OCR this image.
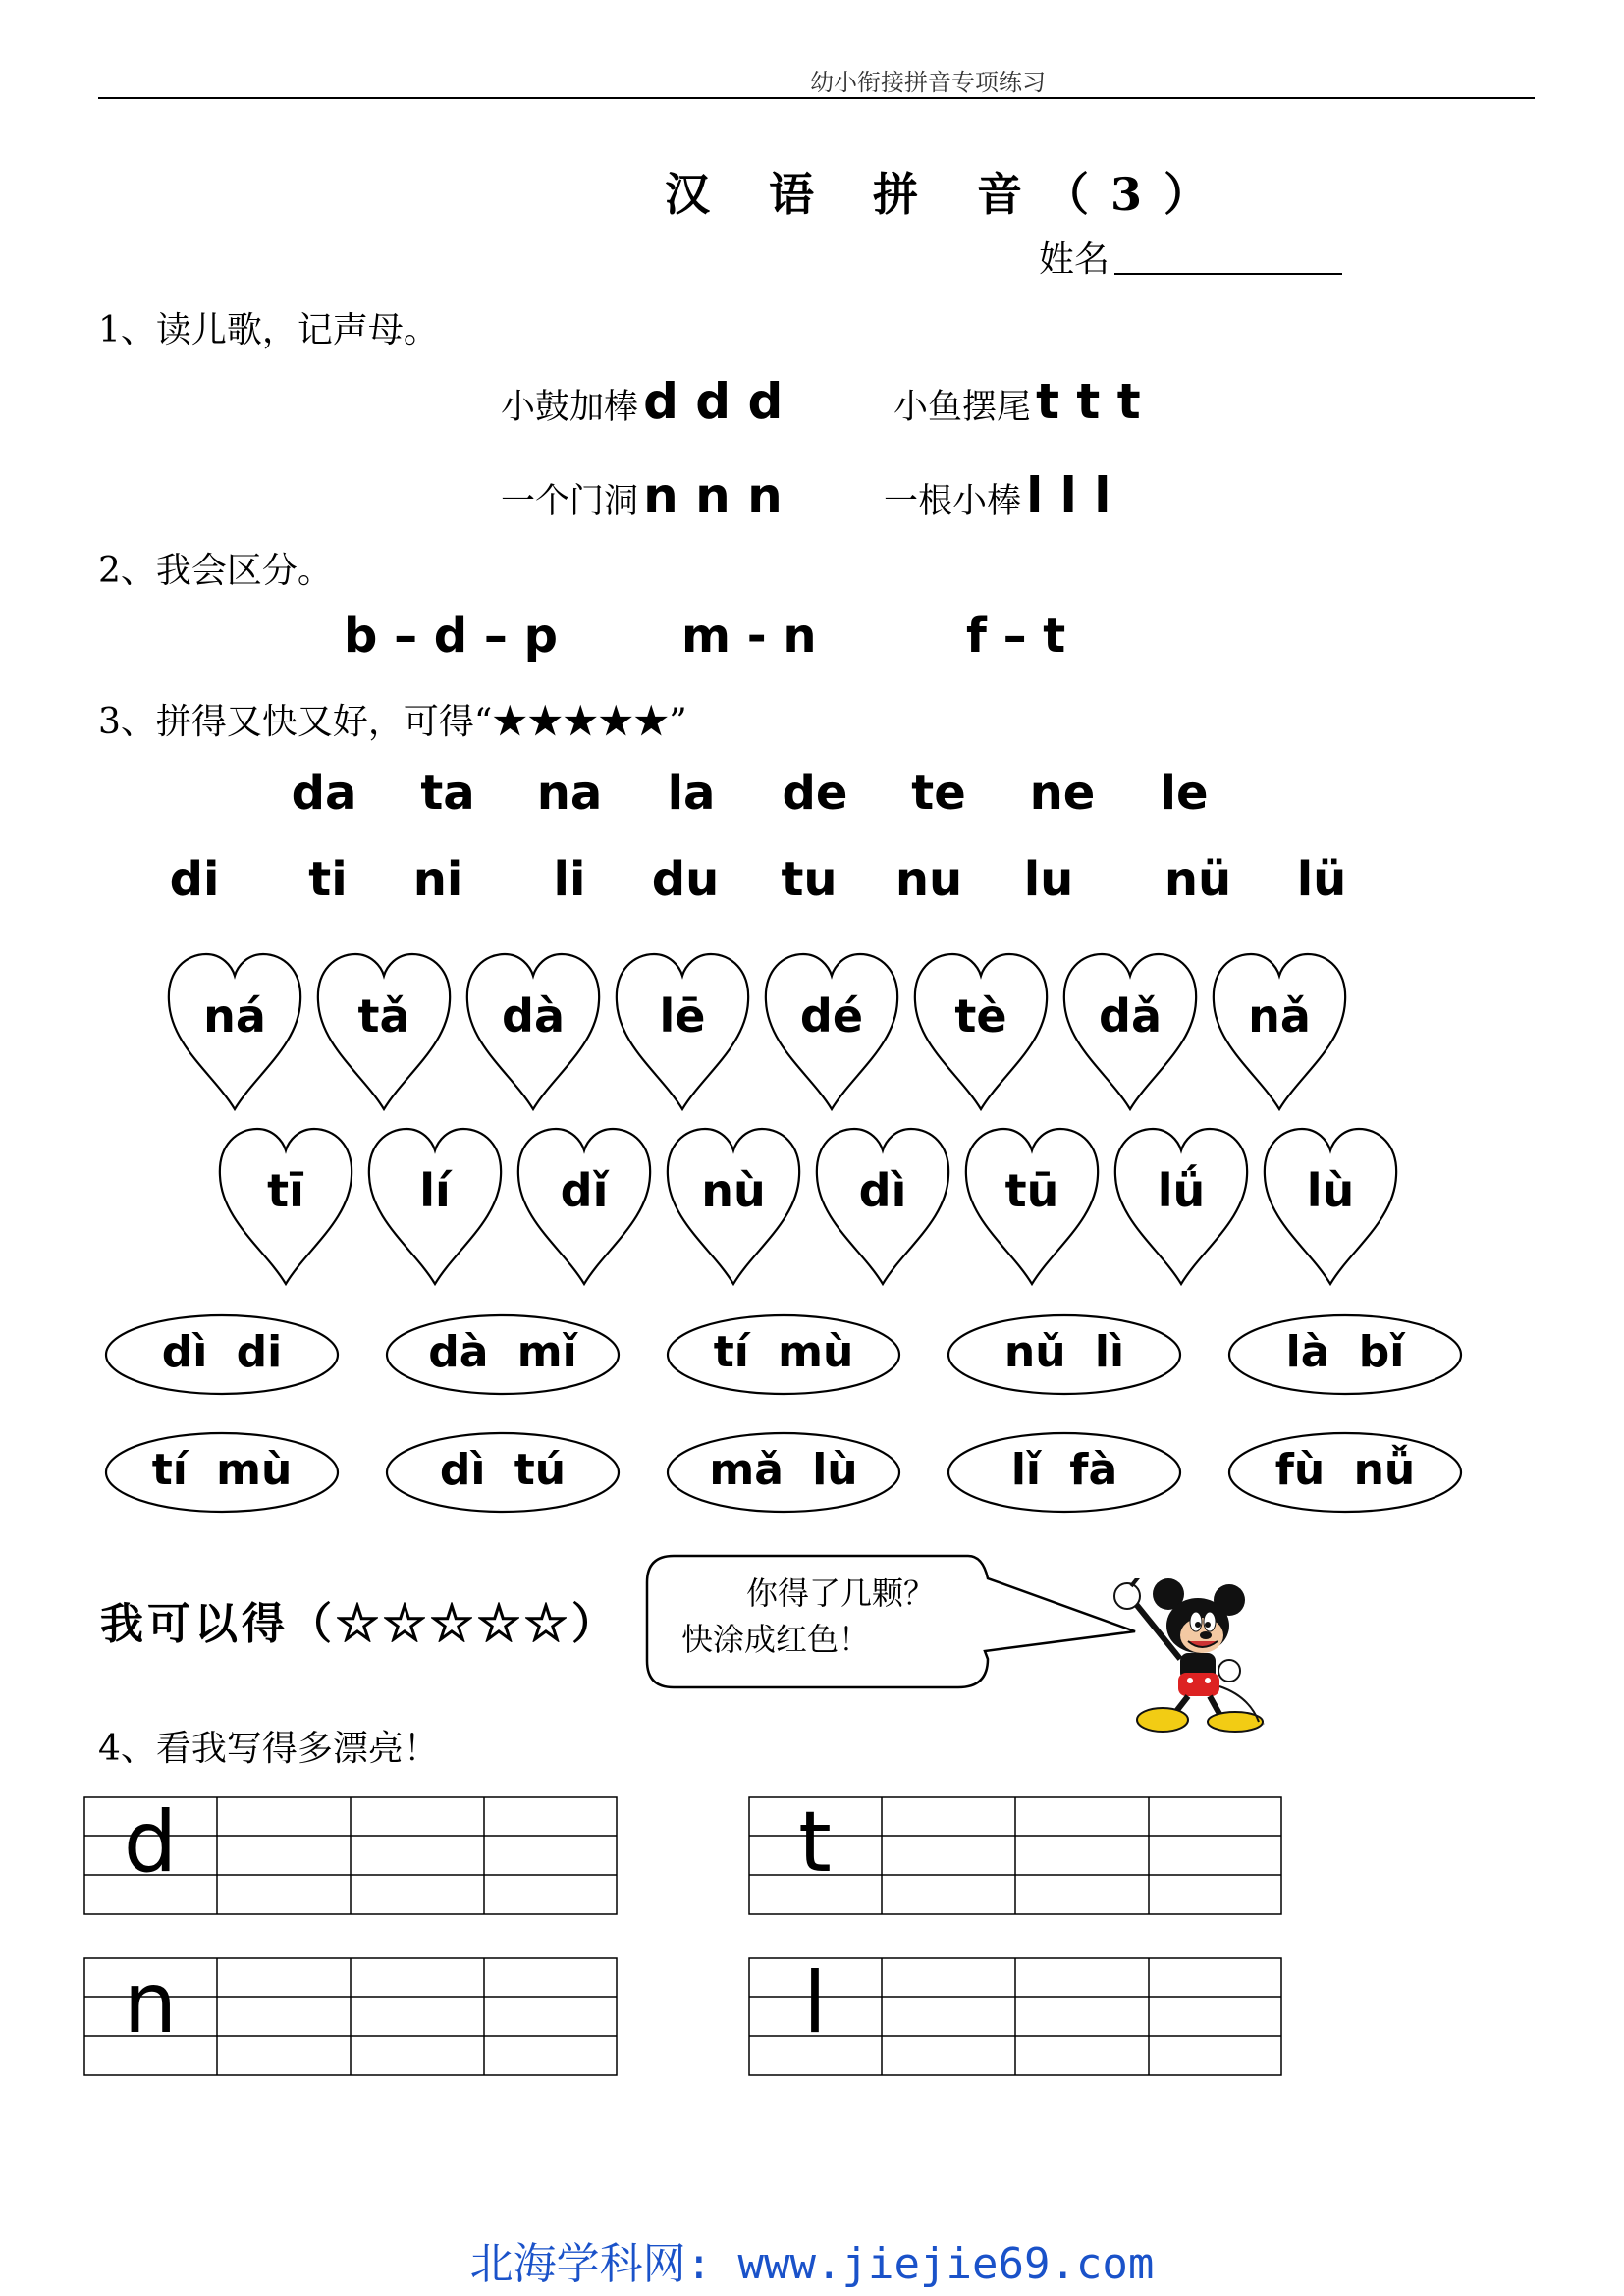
幼小衔接拼音专项练习
汉 语 拼 音（3）
姓名
1、读儿歌，记声母。
小鼓加棒 d d d	小鱼摆尾 t t t
一个门洞 n n n	一根小棒 l l l
2、我会区分。
b – d – p	m - n	f – t
3、拼得又快又好，可得“★★★★★”
da ta na la de te ne le
di ti ni li du tu nu lu nü lü
ná	tǎ	dà	lē	dé	tè	dǎ	nǎ
tī	lí	dǐ	nù	dì	tū	lǘ	lù
dì di	dà mǐ	tí mù	nǔ lì	là bǐ
tí mù	dì tú	mǎ lù	lǐ fà	fù nǚ
我可以得（☆☆☆☆☆）
你得了几颗？
快涂成红色！
4、看我写得多漂亮！
d	t
n	l
北海学科网: www.jiejie69.com
